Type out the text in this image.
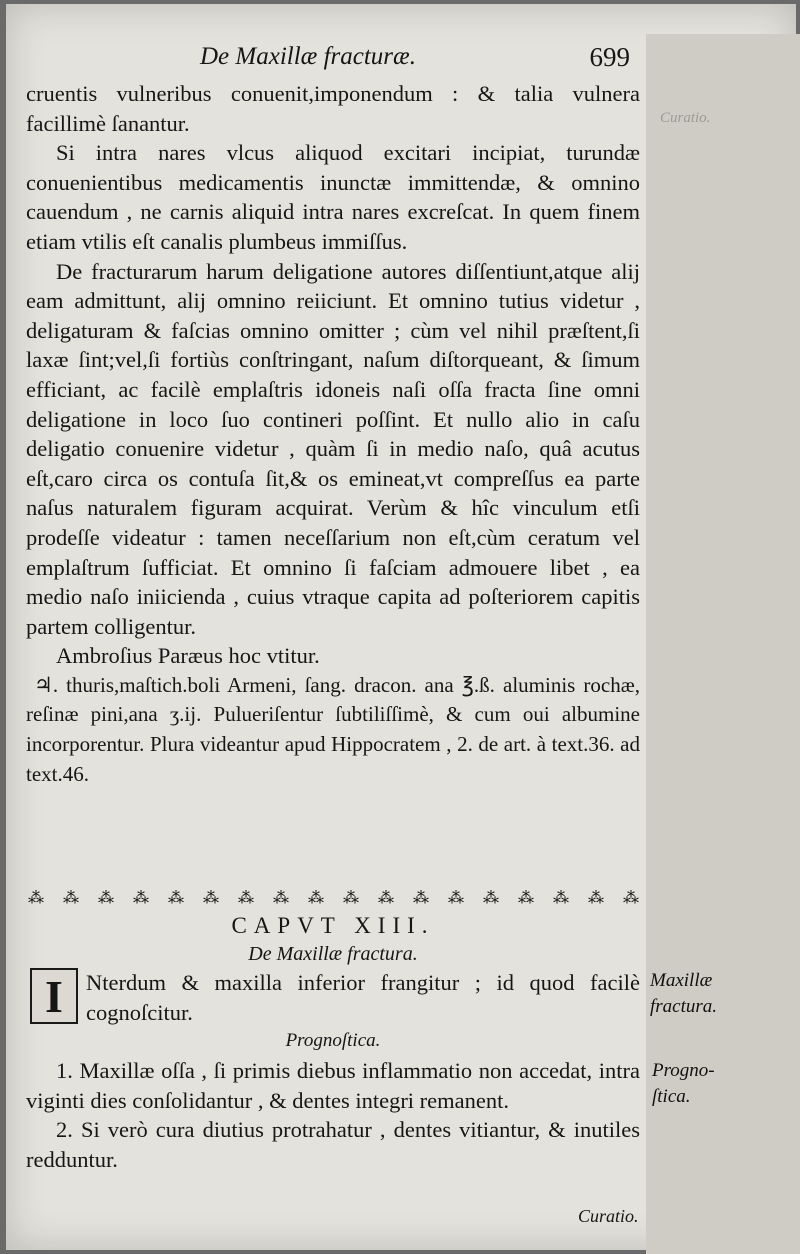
De Maxillæ fracturæ.	699
Curatio.

cruentis vulneribus conuenit,imponendum : & talia vulnera facillimè ſanantur.

Si intra nares vlcus aliquod excitari incipiat, turundæ conuenientibus medicamentis inunctæ immittendæ, & omnino cauendum , ne carnis aliquid intra nares excreſcat. In quem finem etiam vtilis eſt canalis plumbeus immiſſus.

De fracturarum harum deligatione autores diſſentiunt,atque alij eam admittunt, alij omnino reiiciunt. Et omnino tutius videtur , deligaturam & faſcias omnino omitter ; cùm vel nihil præſtent,ſi laxæ ſint;vel,ſi fortiùs conſtringant, naſum diſtorqueant, & ſimum efficiant, ac facilè emplaſtris idoneis naſi oſſa fracta ſine omni deligatione in loco ſuo contineri poſſint. Et nullo alio in caſu deligatio conuenire videtur , quàm ſi in medio naſo, quâ acutus eſt,caro circa os contuſa ſit,& os emineat,vt compreſſus ea parte naſus naturalem figuram acquirat. Verùm & hîc vinculum etſi prodeſſe videatur : tamen neceſſarium non eſt,cùm ceratum vel emplaſtrum ſufficiat. Et omnino ſi faſciam admouere libet , ea medio naſo iniicienda , cuius vtraque capita ad poſteriorem capitis partem colligentur.

Ambroſius Paræus hoc vtitur.

♃. thuris,maſtich.boli Armeni, ſang. dracon. ana ℥.ß. aluminis rochæ, reſinæ pini,ana ʒ.ij. Pulueriſentur ſubtiliſſimè, & cum oui albumine incorporentur. Plura videantur apud Hippocratem , 2. de art. à text.36. ad text.46.

⁂ ⁂ ⁂ ⁂ ⁂ ⁂ ⁂ ⁂ ⁂ ⁂ ⁂ ⁂ ⁂ ⁂ ⁂ ⁂ ⁂ ⁂
CAPVT XIII.
De Maxillæ fractura.
I	Nterdum & maxilla inferior frangitur ; id quod facilè cognoſcitur.
Prognoſtica.

1. Maxillæ oſſa , ſi primis diebus inflammatio non accedat, intra viginti dies conſolidantur , & dentes integri remanent.

2. Si verò cura diutius protrahatur , dentes vitiantur, & inutiles redduntur.

Maxillæ fractura.
Progno-ſtica.
Curatio.
